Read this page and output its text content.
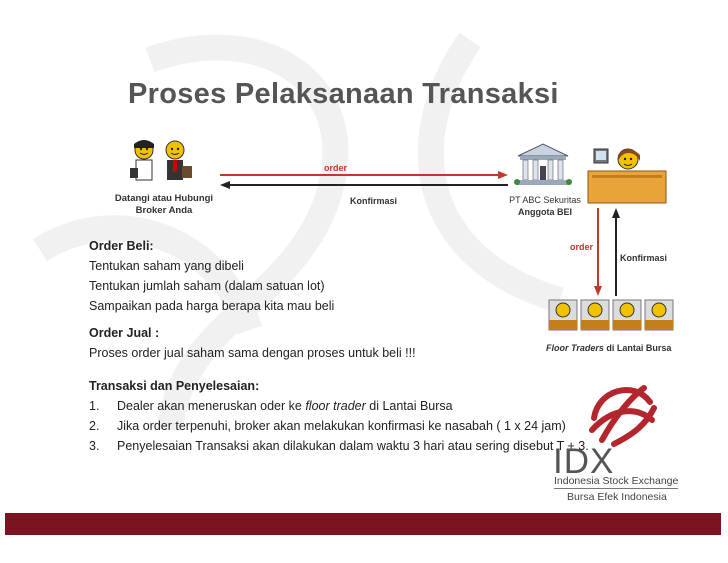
Proses Pelaksanaan Transaksi
Datangi atau Hubungi
Broker Anda
order
Konfirmasi	PT ABC Sekuritas
Anggota BEI
order
Konfirmasi
Floor Traders di Lantai Bursa
Order Beli:
Tentukan saham yang dibeli
Tentukan jumlah saham (dalam satuan lot)
Sampaikan pada harga berapa kita mau beli
Order Jual :
Proses order jual saham sama dengan proses untuk beli !!!
Transaksi dan Penyelesaian:
1.	Dealer akan meneruskan oder ke floor trader di Lantai Bursa
2.	Jika order terpenuhi, broker akan melakukan konfirmasi ke nasabah ( 1 x 24 jam)
3.	Penyelesaian Transaksi akan dilakukan dalam waktu 3 hari atau sering disebut T + 3.
IDX
Indonesia Stock Exchange
Bursa Efek Indonesia
